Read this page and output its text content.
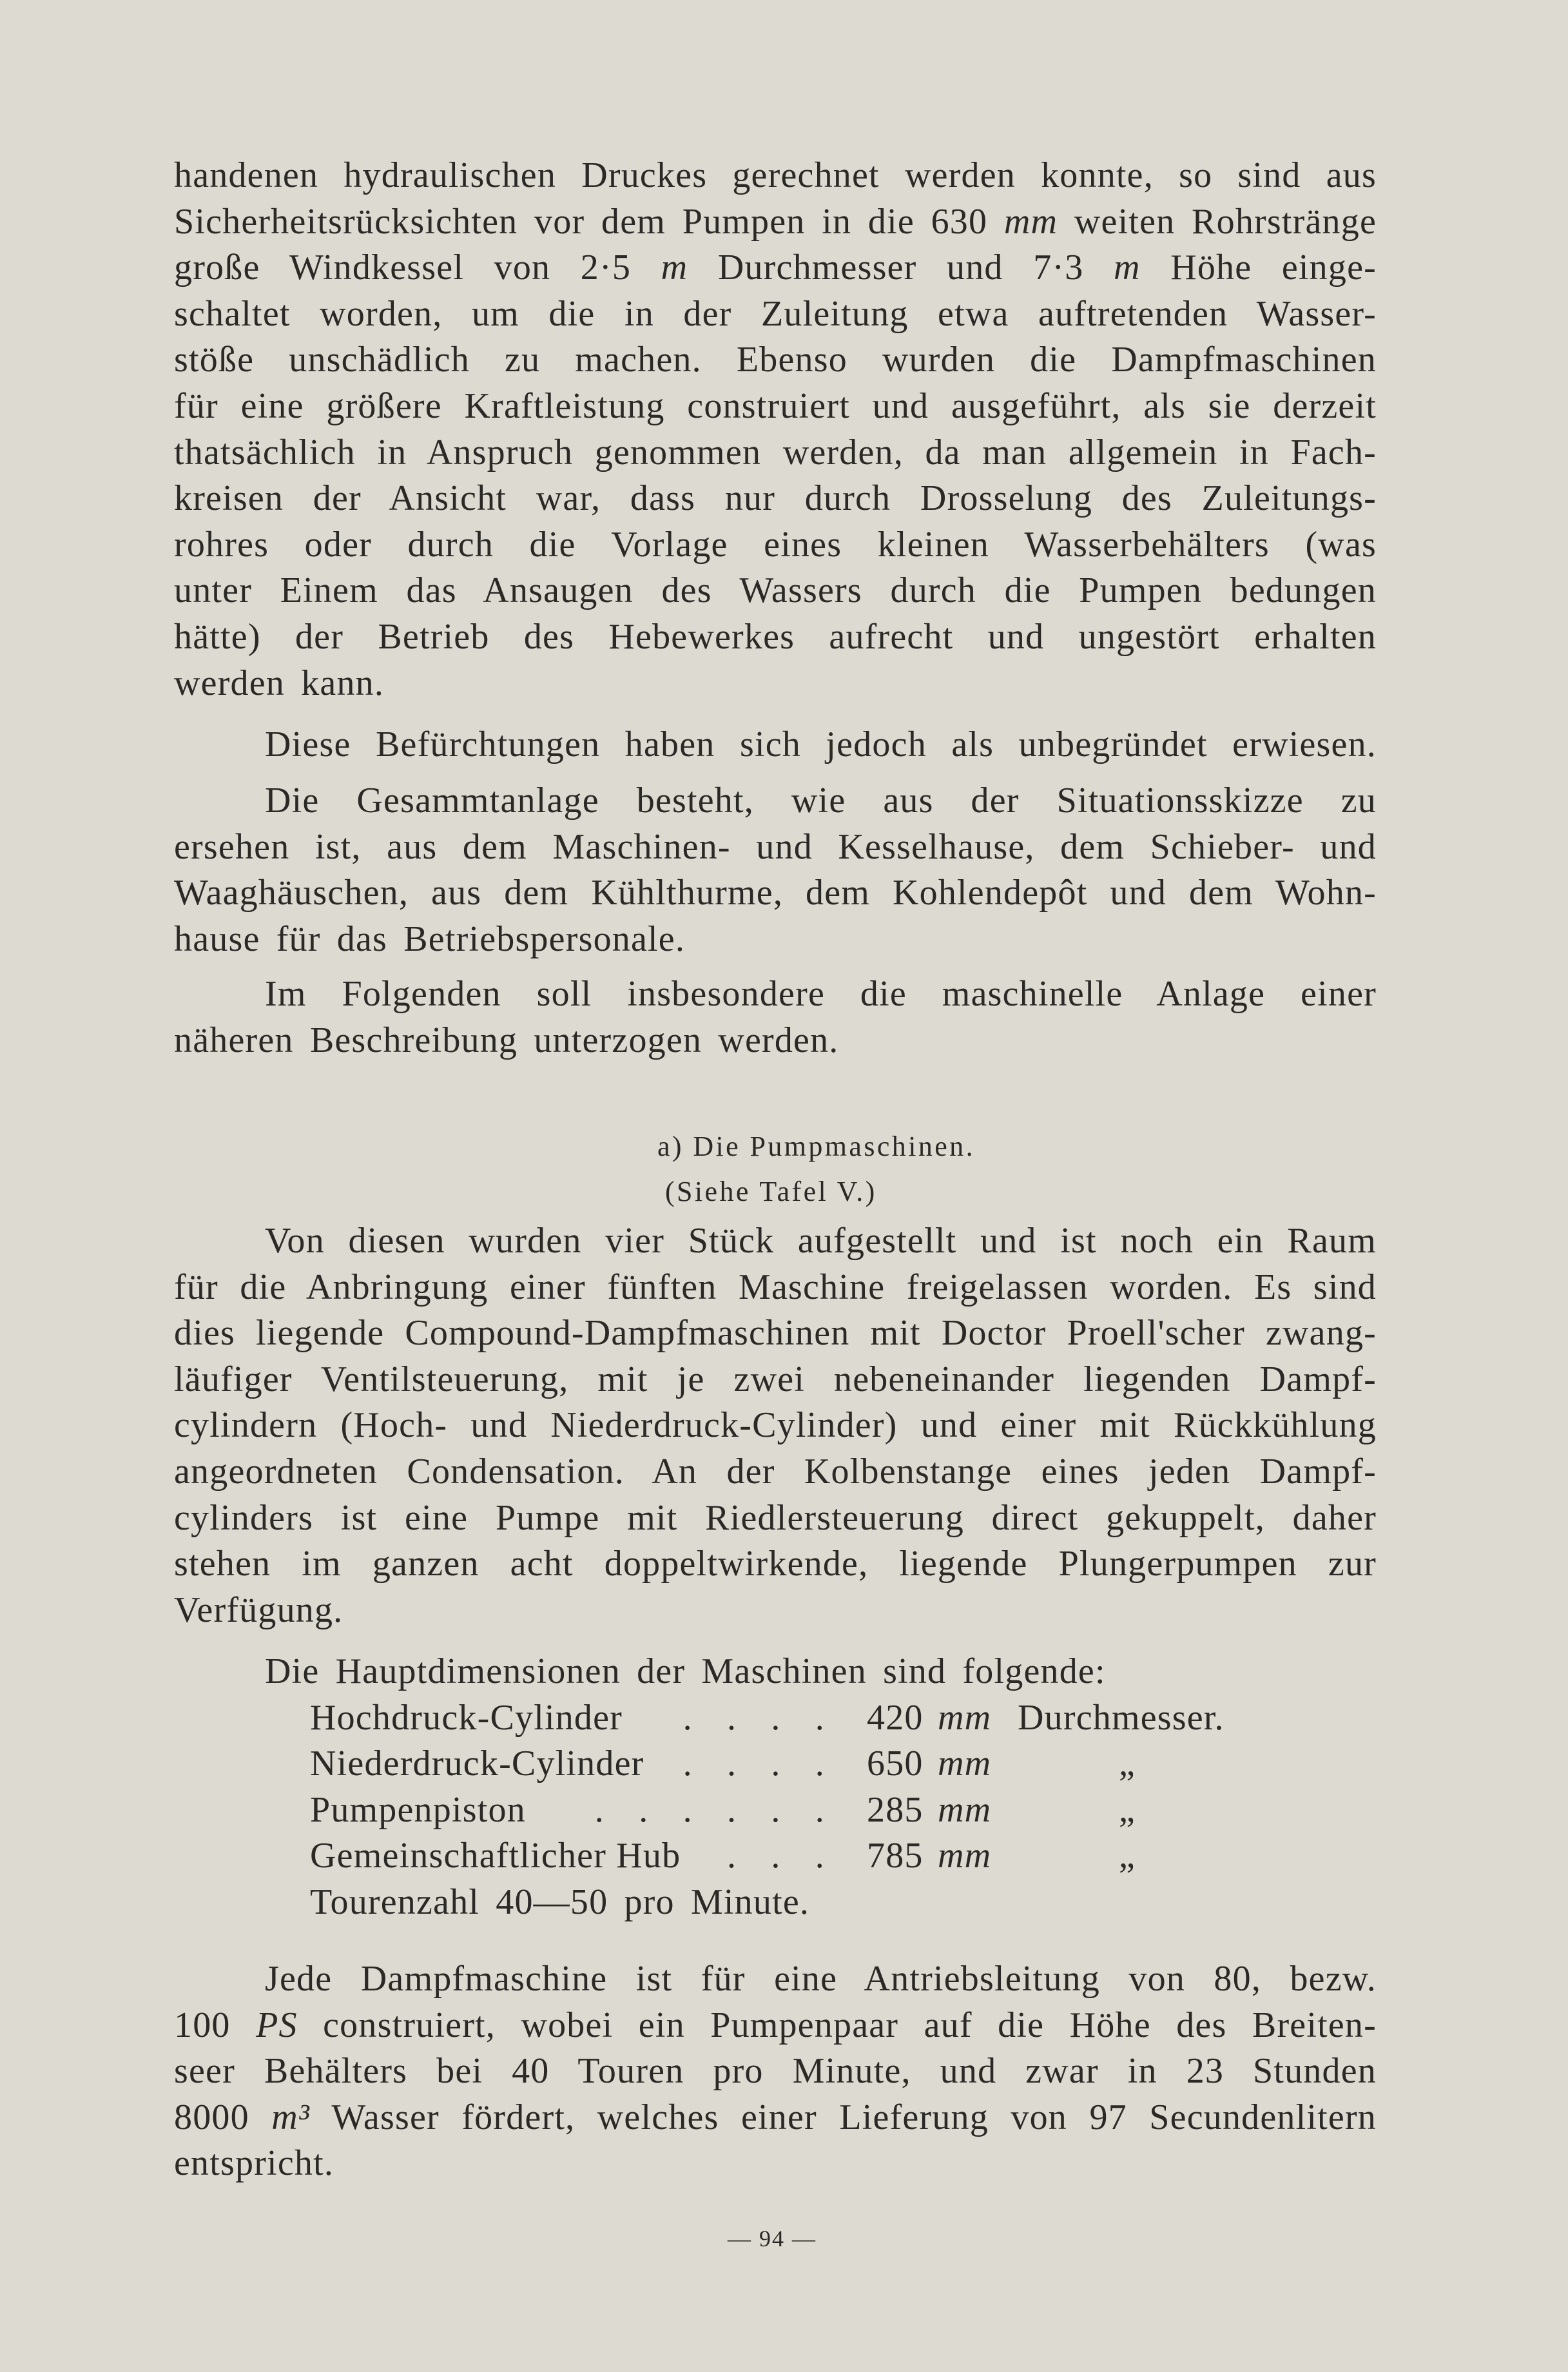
handenen hydraulischen Druckes gerechnet werden konnte, so sind aus
Sicherheitsrücksichten vor dem Pumpen in die 630 mm weiten Rohrstränge
große Windkessel von 2·5 m Durchmesser und 7·3 m Höhe einge-
schaltet worden, um die in der Zuleitung etwa auftretenden Wasser-
stöße unschädlich zu machen. Ebenso wurden die Dampfmaschinen
für eine größere Kraftleistung construiert und ausgeführt, als sie derzeit
thatsächlich in Anspruch genommen werden, da man allgemein in Fach-
kreisen der Ansicht war, dass nur durch Drosselung des Zuleitungs-
rohres oder durch die Vorlage eines kleinen Wasserbehälters (was
unter Einem das Ansaugen des Wassers durch die Pumpen bedungen
hätte) der Betrieb des Hebewerkes aufrecht und ungestört erhalten
werden kann.
Diese Befürchtungen haben sich jedoch als unbegründet erwiesen.
Die Gesammtanlage besteht, wie aus der Situationsskizze zu
ersehen ist, aus dem Maschinen- und Kesselhause, dem Schieber- und
Waaghäuschen, aus dem Kühlthurme, dem Kohlendepôt und dem Wohn-
hause für das Betriebspersonale.
Im Folgenden soll insbesondere die maschinelle Anlage einer
näheren Beschreibung unterzogen werden.
a) Die Pumpmaschinen.
(Siehe Tafel V.)
Von diesen wurden vier Stück aufgestellt und ist noch ein Raum
für die Anbringung einer fünften Maschine freigelassen worden. Es sind
dies liegende Compound-Dampfmaschinen mit Doctor Proell'scher zwang-
läufiger Ventilsteuerung, mit je zwei nebeneinander liegenden Dampf-
cylindern (Hoch- und Niederdruck-Cylinder) und einer mit Rückkühlung
angeordneten Condensation. An der Kolbenstange eines jeden Dampf-
cylinders ist eine Pumpe mit Riedlersteuerung direct gekuppelt, daher
stehen im ganzen acht doppeltwirkende, liegende Plungerpumpen zur
Verfügung.
Die Hauptdimensionen der Maschinen sind folgende:
Hochdruck-Cylinder . . . . 420 mm Durchmesser.
Niederdruck-Cylinder . . . . 650 mm	„
Pumpenpiston . . . . . . 285 mm	„
Gemeinschaftlicher Hub . . . 785 mm	„
Tourenzahl 40—50 pro Minute.
Jede Dampfmaschine ist für eine Antriebsleitung von 80, bezw.
100 PS construiert, wobei ein Pumpenpaar auf die Höhe des Breiten-
seer Behälters bei 40 Touren pro Minute, und zwar in 23 Stunden
8000 m³ Wasser fördert, welches einer Lieferung von 97 Secundenlitern
entspricht.
— 94 —
